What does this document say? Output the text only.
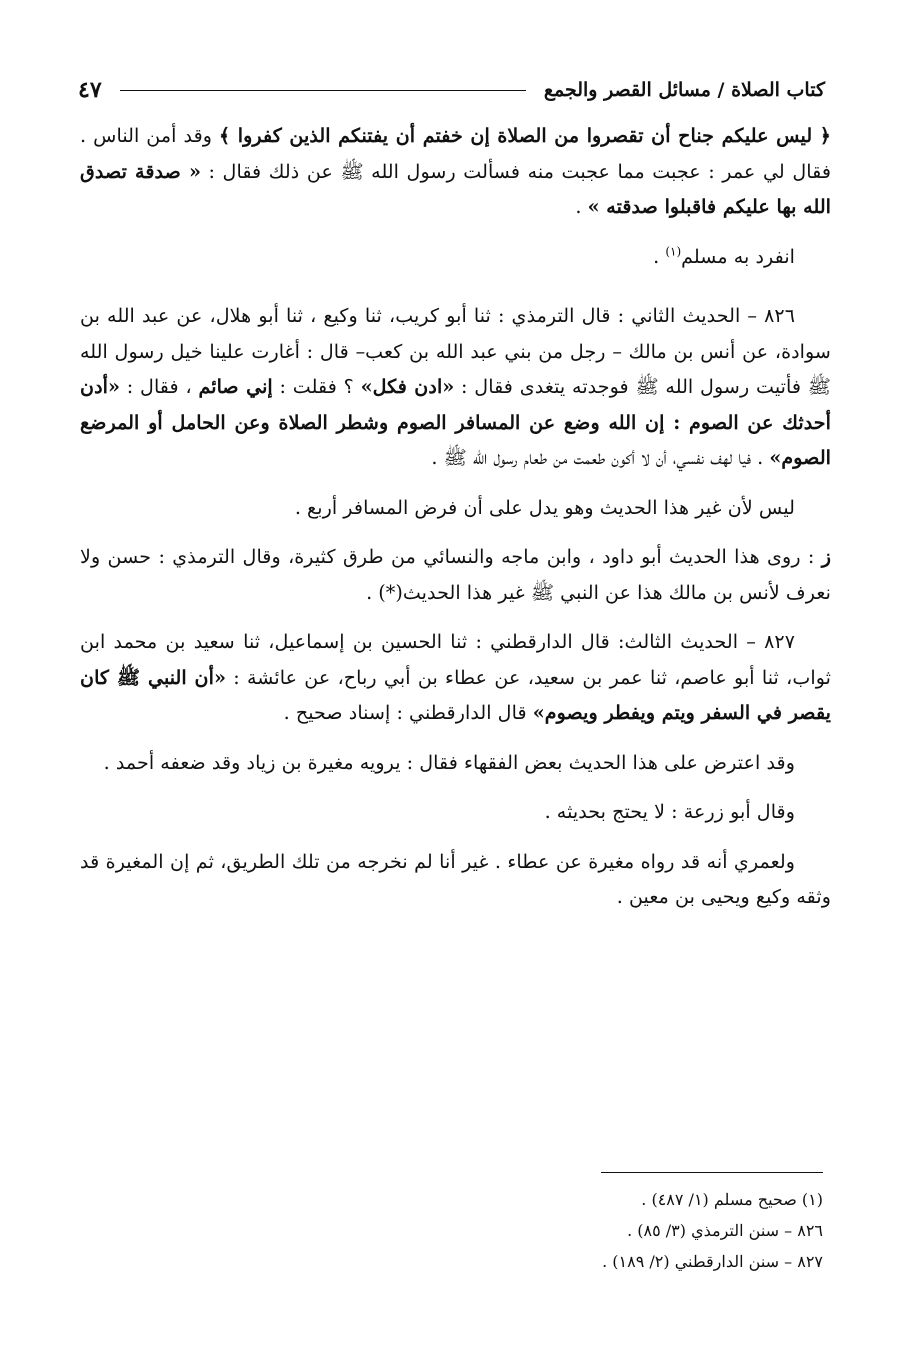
كتاب الصلاة / مسائل القصر والجمع
٤٧

﴿ ليس عليكم جناح أن تقصروا من الصلاة إن خفتم أن يفتنكم الذين كفروا ﴾ وقد أمن الناس . فقال لي عمر : عجبت مما عجبت منه فسألت رسول الله ﷺ عن ذلك فقال : « صدقة تصدق الله بها عليكم فاقبلوا صدقته » .

انفرد به مسلم$^{(١)}$ .

٨٢٦ – الحديث الثاني : قال الترمذي : ثنا أبو كريب، ثنا وكيع ، ثنا أبو هلال، عن عبد الله بن سوادة، عن أنس بن مالك – رجل من بني عبد الله بن كعب– قال : أغارت علينا خيل رسول الله ﷺ فأتيت رسول الله ﷺ فوجدته يتغدى فقال : «ادن فكل» ؟ فقلت : إني صائم ، فقال : «أدن أحدثك عن الصوم : إن الله وضع عن المسافر الصوم وشطر الصلاة وعن الحامل أو المرضع الصوم» . فيا لهف نفسي، أن لا أكون طعمت من طعام رسول الله ﷺ .

ليس لأن غير هذا الحديث وهو يدل على أن فرض المسافر أربع .

ز : روى هذا الحديث أبو داود ، وابن ماجه والنسائي من طرق كثيرة، وقال الترمذي : حسن ولا نعرف لأنس بن مالك هذا عن النبي ﷺ غير هذا الحديث(*) .

٨٢٧ – الحديث الثالث: قال الدارقطني : ثنا الحسين بن إسماعيل، ثنا سعيد بن محمد ابن ثواب، ثنا أبو عاصم، ثنا عمر بن سعيد، عن عطاء بن أبي رباح، عن عائشة : «أن النبي ﷺ كان يقصر في السفر ويتم ويفطر ويصوم» قال الدارقطني : إسناد صحيح .

وقد اعترض على هذا الحديث بعض الفقهاء فقال : يرويه مغيرة بن زياد وقد ضعفه أحمد .

وقال أبو زرعة : لا يحتج بحديثه .

ولعمري أنه قد رواه مغيرة عن عطاء . غير أنا لم نخرجه من تلك الطريق، ثم إن المغيرة قد وثقه وكيع ويحيى بن معين .

(١) صحيح مسلم (١/ ٤٨٧) .

٨٢٦ – سنن الترمذي (٣/ ٨٥) .

٨٢٧ – سنن الدارقطني (٢/ ١٨٩) .
